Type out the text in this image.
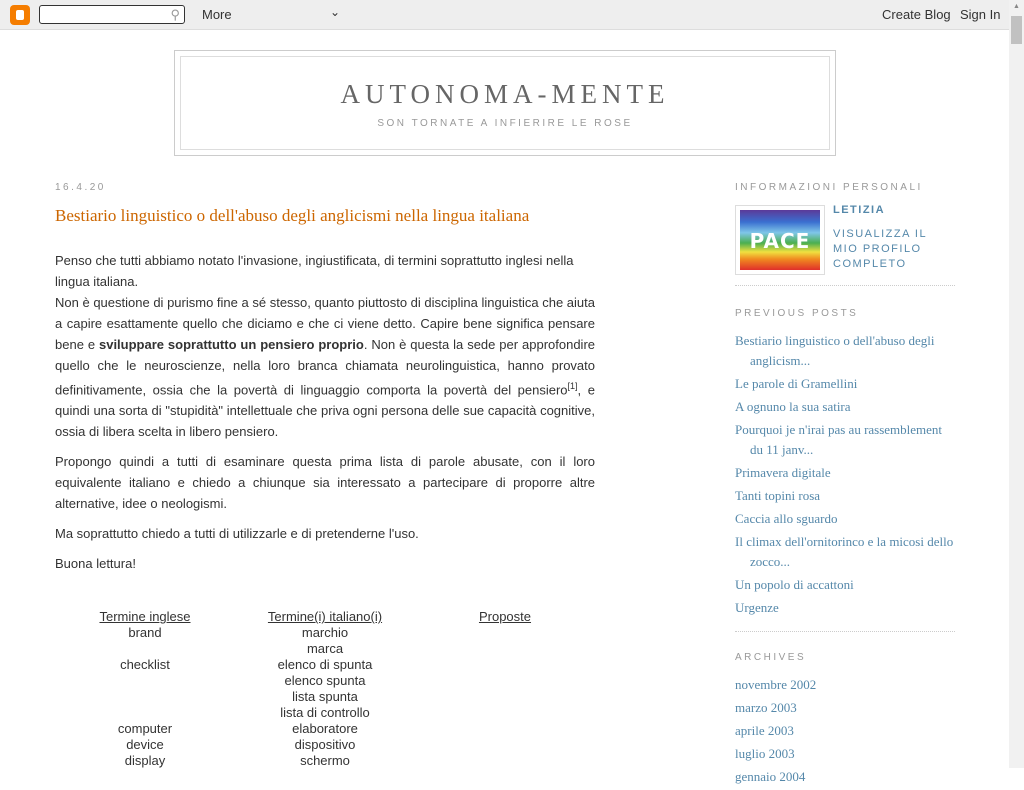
⚲ More	⌄	Create Blog Sign In
▲
AUTONOMA-MENTE
SON TORNATE A INFIERIRE LE ROSE
16.4.20
Bestiario linguistico o dell'abuso degli anglicismi nella lingua italiana
Penso che tutti abbiamo notato l'invasione, ingiustificata, di termini soprattutto inglesi nella lingua italiana.
Non è questione di purismo fine a sé stesso, quanto piuttosto di disciplina linguistica che aiuta a capire esattamente quello che diciamo e che ci viene detto. Capire bene significa pensare bene e sviluppare soprattutto un pensiero proprio. Non è questa la sede per approfondire quello che le neuroscienze, nella loro branca chiamata neurolinguistica, hanno provato definitivamente, ossia che la povertà di linguaggio comporta la povertà del pensiero[1], e quindi una sorta di "stupidità" intellettuale che priva ogni persona delle sue capacità cognitive, ossia di libera scelta in libero pensiero.
Propongo quindi a tutti di esaminare questa prima lista di parole abusate, con il loro equivalente italiano e chiedo a chiunque sia interessato a partecipare di proporre altre alternative, idee o neologismi.
Ma soprattutto chiedo a tutti di utilizzarle e di pretenderne l'uso.
Buona lettura!
Termine inglese	Termine(i) italiano(i)	Proposte
brand	marchio	
	marca	
checklist	elenco di spunta	
	elenco spunta	
	lista spunta	
	lista di controllo	
computer	elaboratore	
device	dispositivo	
display	schermo	
INFORMAZIONI PERSONALI
PACE
LETIZIA
VISUALIZZA IL MIO PROFILO COMPLETO
PREVIOUS POSTS
Bestiario linguistico o dell'abuso degli anglicism...
Le parole di Gramellini
A ognuno la sua satira
Pourquoi je n'irai pas au rassemblement du 11 janv...
Primavera digitale
Tanti topini rosa
Caccia allo sguardo
Il climax dell'ornitorinco e la micosi dello zocco...
Un popolo di accattoni
Urgenze
ARCHIVES
novembre 2002
marzo 2003
aprile 2003
luglio 2003
gennaio 2004
